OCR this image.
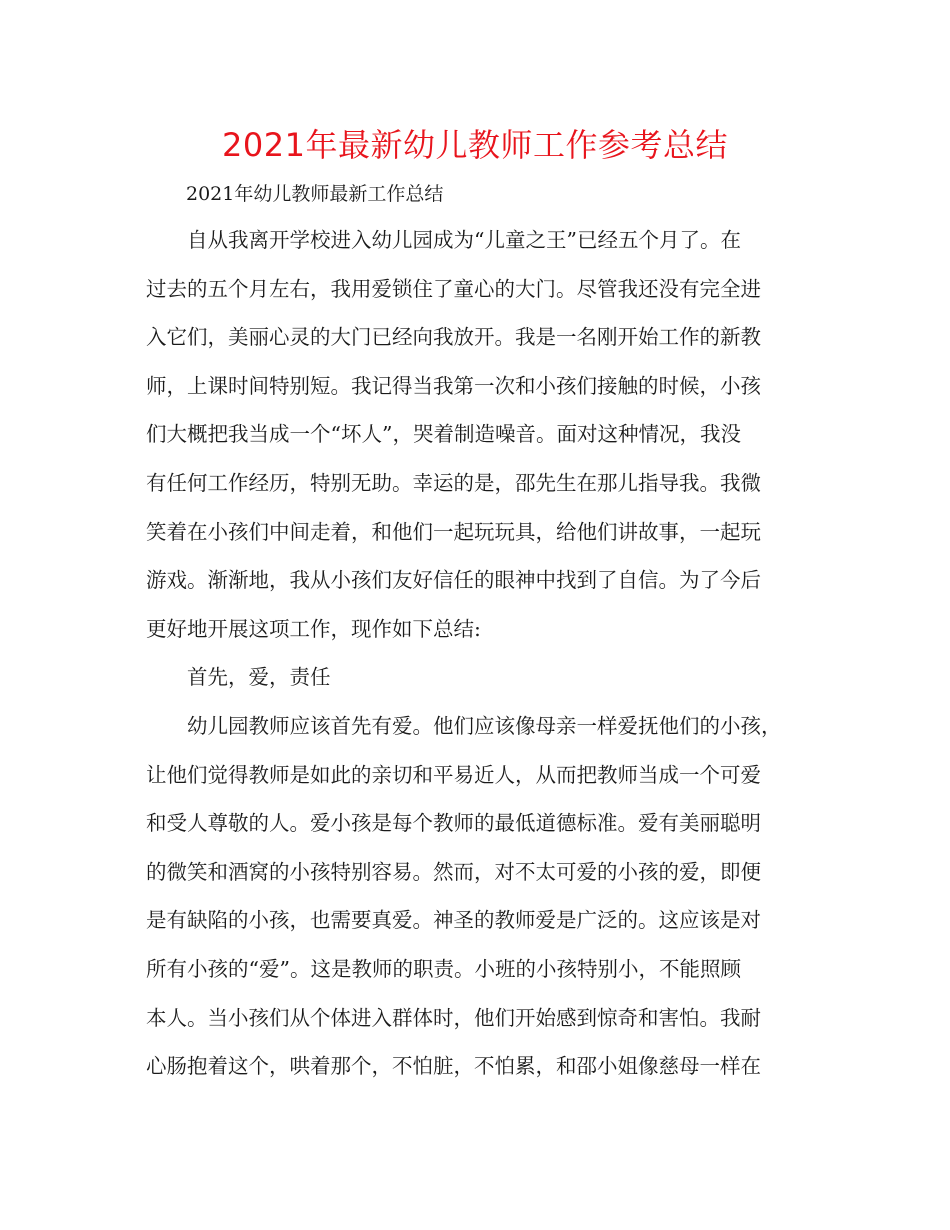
2021年最新幼儿教师工作参考总结

2021年幼儿教师最新工作总结

自从我离开学校进入幼儿园成为“儿童之王”已经五个月了。在
过去的五个月左右，我用爱锁住了童心的大门。尽管我还没有完全进
入它们，美丽心灵的大门已经向我放开。我是一名刚开始工作的新教
师，上课时间特别短。我记得当我第一次和小孩们接触的时候，小孩
们大概把我当成一个“坏人”，哭着制造噪音。面对这种情况，我没
有任何工作经历，特别无助。幸运的是，邵先生在那儿指导我。我微
笑着在小孩们中间走着，和他们一起玩玩具，给他们讲故事，一起玩
游戏。渐渐地，我从小孩们友好信任的眼神中找到了自信。为了今后
更好地开展这项工作，现作如下总结:
首先，爱，责任
幼儿园教师应该首先有爱。他们应该像母亲一样爱抚他们的小孩，
让他们觉得教师是如此的亲切和平易近人，从而把教师当成一个可爱
和受人尊敬的人。爱小孩是每个教师的最低道德标准。爱有美丽聪明
的微笑和酒窝的小孩特别容易。然而，对不太可爱的小孩的爱，即便
是有缺陷的小孩，也需要真爱。神圣的教师爱是广泛的。这应该是对
所有小孩的“爱”。这是教师的职责。小班的小孩特别小，不能照顾
本人。当小孩们从个体进入群体时，他们开始感到惊奇和害怕。我耐
心肠抱着这个，哄着那个，不怕脏，不怕累，和邵小姐像慈母一样在
